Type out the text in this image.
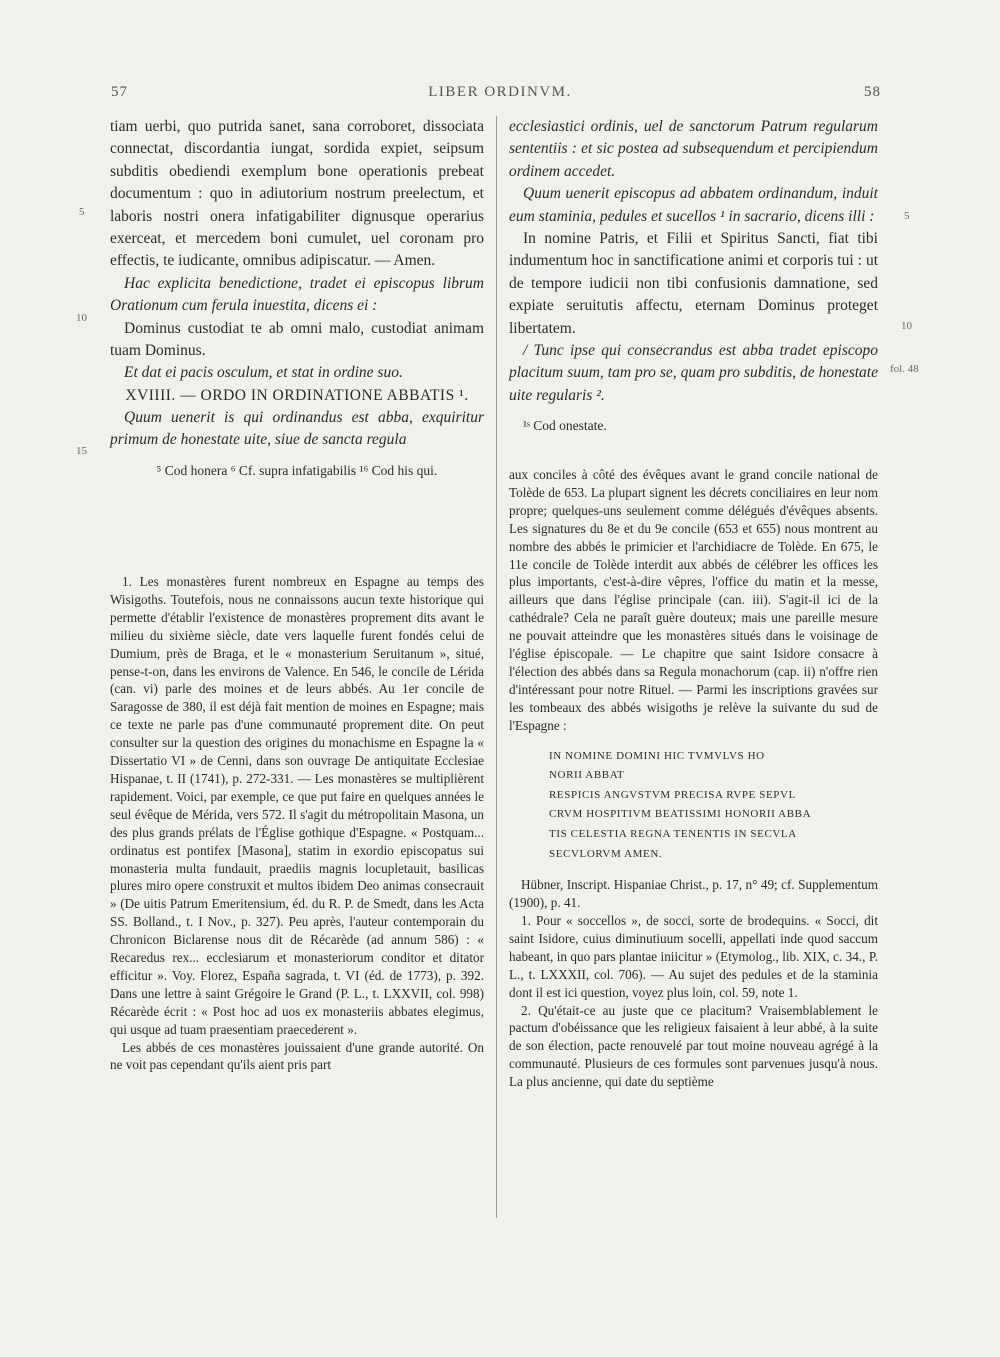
LIBER ORDINVM.
57	58
5
10
15
5
10
fol. 48

tiam uerbi, quo putrida sanet, sana corroboret, dissociata connectat, discordantia iungat, sordida expiet, seipsum subditis obediendi exemplum bone operationis prebeat documentum : quo in adiutorium nostrum preelectum, et laboris nostri onera infatigabiliter dignusque operarius exerceat, et mercedem boni cumulet, uel coronam pro effectis, te iudicante, omnibus adipiscatur. — Amen.

Hac explicita benedictione, tradet ei episcopus librum Orationum cum ferula inuestita, dicens ei :

Dominus custodiat te ab omni malo, custodiat animam tuam Dominus.

Et dat ei pacis osculum, et stat in ordine suo.

XVIIII. — ORDO IN ORDINATIONE ABBATIS ¹.

Quum uenerit is qui ordinandus est abba, exquiritur primum de honestate uite, siue de sancta regula

⁵ Cod honera ⁶ Cf. supra infatigabilis ¹⁶ Cod his qui.

ecclesiastici ordinis, uel de sanctorum Patrum regularum sententiis : et sic postea ad subsequendum et percipiendum ordinem accedet.

Quum uenerit episcopus ad abbatem ordinandum, induit eum staminia, pedules et sucellos ¹ in sacrario, dicens illi :

In nomine Patris, et Filii et Spiritus Sancti, fiat tibi indumentum hoc in sanctificatione animi et corporis tui : ut de tempore iudicii non tibi confusionis damnatione, sed expiate seruitutis affectu, eternam Dominus proteget libertatem.

/ Tunc ipse qui consecrandus est abba tradet episcopo placitum suum, tam pro se, quam pro subditis, de honestate uite regularis ².

¹ˢ Cod onestate.

1. Les monastères furent nombreux en Espagne au temps des Wisigoths. Toutefois, nous ne connaissons aucun texte historique qui permette d'établir l'existence de monastères proprement dits avant le milieu du sixième siècle, date vers laquelle furent fondés celui de Dumium, près de Braga, et le « monasterium Seruitanum », situé, pense-t-on, dans les environs de Valence. En 546, le concile de Lérida (can. vi) parle des moines et de leurs abbés. Au 1er concile de Saragosse de 380, il est déjà fait mention de moines en Espagne; mais ce texte ne parle pas d'une communauté proprement dite. On peut consulter sur la question des origines du monachisme en Espagne la « Dissertatio VI » de Cenni, dans son ouvrage De antiquitate Ecclesiae Hispanae, t. II (1741), p. 272-331. — Les monastères se multiplièrent rapidement. Voici, par exemple, ce que put faire en quelques années le seul évêque de Mérida, vers 572. Il s'agit du métropolitain Masona, un des plus grands prélats de l'Église gothique d'Espagne. « Postquam... ordinatus est pontifex [Masona], statim in exordio episcopatus sui monasteria multa fundauit, praediis magnis locupletauit, basilicas plures miro opere construxit et multos ibidem Deo animas consecrauit » (De uitis Patrum Emeritensium, éd. du R. P. de Smedt, dans les Acta SS. Bolland., t. I Nov., p. 327). Peu après, l'auteur contemporain du Chronicon Biclarense nous dit de Récarède (ad annum 586) : « Recaredus rex... ecclesiarum et monasteriorum conditor et ditator efficitur ». Voy. Florez, España sagrada, t. VI (éd. de 1773), p. 392. Dans une lettre à saint Grégoire le Grand (P. L., t. LXXVII, col. 998) Récarède écrit : « Post hoc ad uos ex monasteriis abbates elegimus, qui usque ad tuam praesentiam praecederent ».

Les abbés de ces monastères jouissaient d'une grande autorité. On ne voit pas cependant qu'ils aient pris part

aux conciles à côté des évêques avant le grand concile national de Tolède de 653. La plupart signent les décrets conciliaires en leur nom propre; quelques-uns seulement comme délégués d'évêques absents. Les signatures du 8e et du 9e concile (653 et 655) nous montrent au nombre des abbés le primicier et l'archidiacre de Tolède. En 675, le 11e concile de Tolède interdit aux abbés de célébrer les offices les plus importants, c'est-à-dire vêpres, l'office du matin et la messe, ailleurs que dans l'église principale (can. iii). S'agit-il ici de la cathédrale? Cela ne paraît guère douteux; mais une pareille mesure ne pouvait atteindre que les monastères situés dans le voisinage de l'église épiscopale. — Le chapitre que saint Isidore consacre à l'élection des abbés dans sa Regula monachorum (cap. ii) n'offre rien d'intéressant pour notre Rituel. — Parmi les inscriptions gravées sur les tombeaux des abbés wisigoths je relève la suivante du sud de l'Espagne :

IN NOMINE DOMINI HIC TVMVLVS HO
NORII ABBAT
RESPICIS ANGVSTVM PRECISA RVPE SEPVL
CRVM HOSPITIVM BEATISSIMI HONORII ABBA
TIS CELESTIA REGNA TENENTIS IN SECVLA
SECVLORVM AMEN.

Hübner, Inscript. Hispaniae Christ., p. 17, n° 49; cf. Supplementum (1900), p. 41.

1. Pour « soccellos », de socci, sorte de brodequins. « Socci, dit saint Isidore, cuius diminutiuum socelli, appellati inde quod saccum habeant, in quo pars plantae iniicitur » (Etymolog., lib. XIX, c. 34., P. L., t. LXXXII, col. 706). — Au sujet des pedules et de la staminia dont il est ici question, voyez plus loin, col. 59, note 1.

2. Qu'était-ce au juste que ce placitum? Vraisemblablement le pactum d'obéissance que les religieux faisaient à leur abbé, à la suite de son élection, pacte renouvelé par tout moine nouveau agrégé à la communauté. Plusieurs de ces formules sont parvenues jusqu'à nous. La plus ancienne, qui date du septième
